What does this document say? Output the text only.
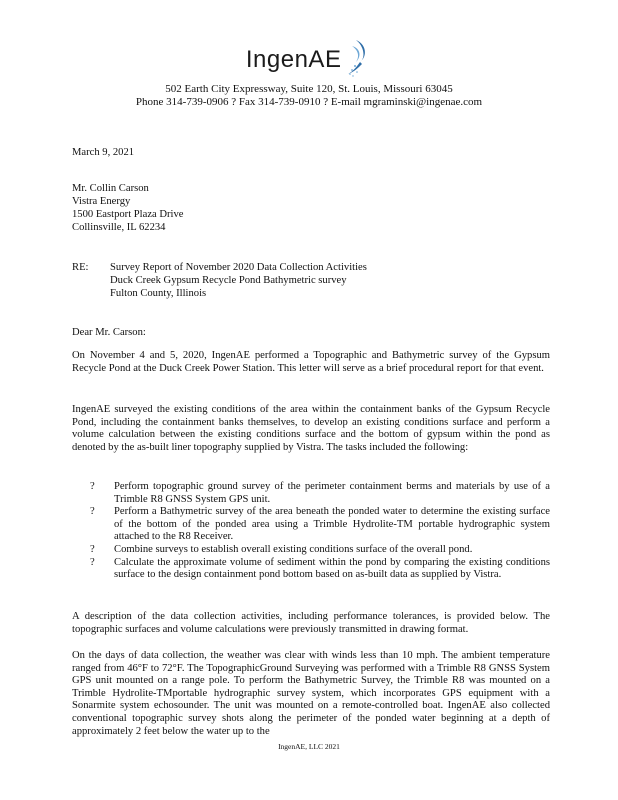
IngenAE
502 Earth City Expressway, Suite 120, St. Louis, Missouri 63045
Phone 314-739-0906 ? Fax 314-739-0910 ? E-mail mgraminski@ingenae.com
March 9, 2021
Mr. Collin Carson
Vistra Energy
1500 Eastport Plaza Drive
Collinsville, IL 62234
RE: Survey Report of November 2020 Data Collection Activities
Duck Creek Gypsum Recycle Pond Bathymetric survey
Fulton County, Illinois
Dear Mr. Carson:

On November 4 and 5, 2020, IngenAE performed a Topographic and Bathymetric survey of the Gypsum Recycle Pond at the Duck Creek Power Station. This letter will serve as a brief procedural report for that event.

IngenAE surveyed the existing conditions of the area within the containment banks of the Gypsum Recycle Pond, including the containment banks themselves, to develop an existing conditions surface and perform a volume calculation between the existing conditions surface and the bottom of gypsum within the pond as denoted by the as-built liner topography supplied by Vistra. The tasks included the following:

? Perform topographic ground survey of the perimeter containment berms and materials by use of a Trimble R8 GNSS System GPS unit.
? Perform a Bathymetric survey of the area beneath the ponded water to determine the existing surface of the bottom of the ponded area using a Trimble Hydrolite-TM portable hydrographic system attached to the R8 Receiver.
? Combine surveys to establish overall existing conditions surface of the overall pond.
? Calculate the approximate volume of sediment within the pond by comparing the existing conditions surface to the design containment pond bottom based on as-built data as supplied by Vistra.

A description of the data collection activities, including performance tolerances, is provided below. The topographic surfaces and volume calculations were previously transmitted in drawing format.

On the days of data collection, the weather was clear with winds less than 10 mph. The ambient temperature ranged from 46°F to 72°F. The TopographicGround Surveying was performed with a Trimble R8 GNSS System GPS unit mounted on a range pole. To perform the Bathymetric Survey, the Trimble R8 was mounted on a Trimble Hydrolite-TMportable hydrographic survey system, which incorporates GPS equipment with a Sonarmite system echosounder. The unit was mounted on a remote-controlled boat. IngenAE also collected conventional topographic survey shots along the perimeter of the ponded water beginning at a depth of approximately 2 feet below the water up to the

IngenAE, LLC 2021
